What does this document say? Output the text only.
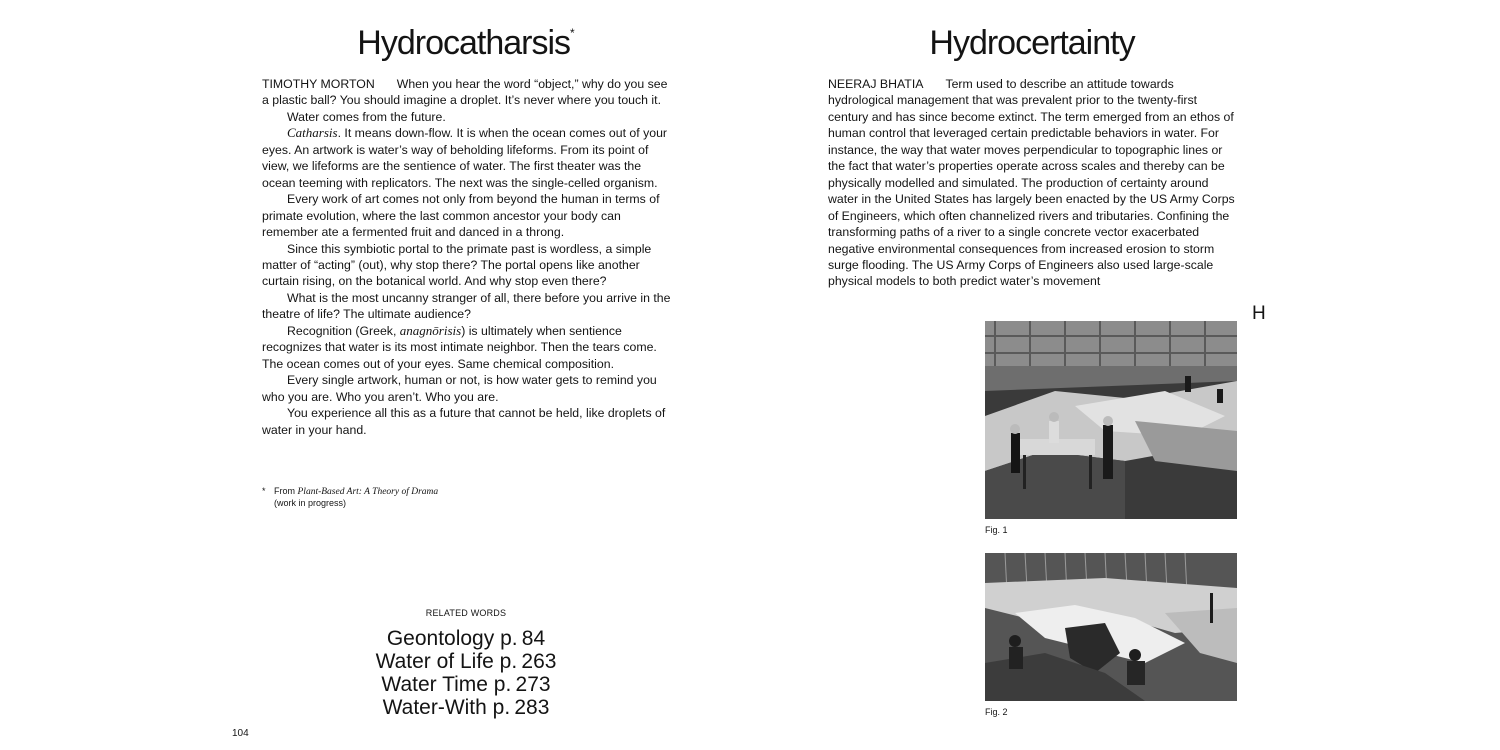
Hydrocatharsis*

TIMOTHY MORTON When you hear the word “object,” why do you see a plastic ball? You should imagine a droplet. It’s never where you touch it.

Water comes from the future.

Catharsis. It means down-flow. It is when the ocean comes out of your eyes. An artwork is water’s way of beholding lifeforms. From its point of view, we lifeforms are the sentience of water. The first theater was the ocean teeming with replicators. The next was the single-celled organism.

Every work of art comes not only from beyond the human in terms of primate evolution, where the last common ancestor your body can remember ate a fermented fruit and danced in a throng.

Since this symbiotic portal to the primate past is wordless, a simple matter of “acting” (out), why stop there? The portal opens like another curtain rising, on the botanical world. And why stop even there?

What is the most uncanny stranger of all, there before you arrive in the theatre of life? The ultimate audience?

Recognition (Greek, anagnōrisis) is ultimately when sentience recognizes that water is its most intimate neighbor. Then the tears come. The ocean comes out of your eyes. Same chemical composition.

Every single artwork, human or not, is how water gets to remind you who you are. Who you aren’t. Who you are.

You experience all this as a future that cannot be held, like droplets of water in your hand.

* From Plant-Based Art: A Theory of Drama
(work in progress)
RELATED WORDS
Geontology p. 84
Water of Life p. 263
Water Time p. 273
Water-With p. 283
104
Hydrocertainty

NEERAJ BHATIA Term used to describe an attitude towards hydrological management that was prevalent prior to the twenty-first century and has since become extinct. The term emerged from an ethos of human control that leveraged certain predictable behaviors in water. For instance, the way that water moves perpendicular to topographic lines or the fact that water’s properties operate across scales and thereby can be physically modelled and simulated. The production of certainty around water in the United States has largely been enacted by the US Army Corps of Engineers, which often channelized rivers and tributaries. Confining the transforming paths of a river to a single concrete vector exacerbated negative environmental consequences from increased erosion to storm surge flooding. The US Army Corps of Engineers also used large-scale physical models to both predict water’s movement

H
Fig. 1
Fig. 2
